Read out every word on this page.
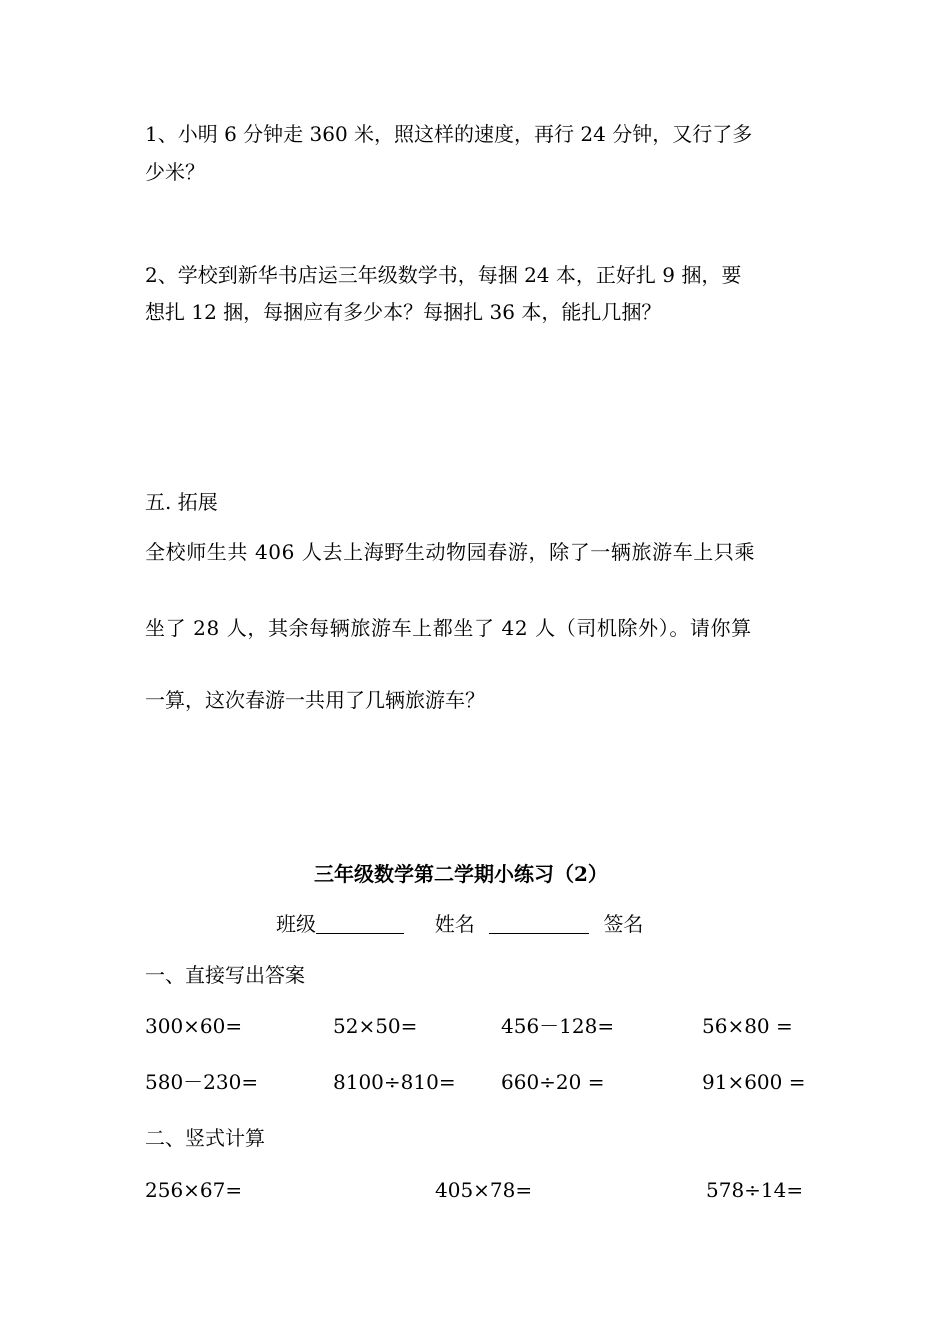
1、小明 6 分钟走 360 米，照这样的速度，再行 24 分钟，又行了多
少米？
2、学校到新华书店运三年级数学书，每捆 24 本，正好扎 9 捆，要
想扎 12 捆，每捆应有多少本？每捆扎 36 本，能扎几捆？
五. 拓展
全校师生共 406 人去上海野生动物园春游，除了一辆旅游车上只乘
坐了 28 人，其余每辆旅游车上都坐了 42 人（司机除外）。请你算
一算，这次春游一共用了几辆旅游车？
三年级数学第二学期小练习（2）
班级	姓名	签名
一、直接写出答案
300×60=	52×50=	456－128=	56×80 =
580－230=	8100÷810= 660÷20 =	91×600 =
二、竖式计算
256×67=	405×78=	578÷14=
